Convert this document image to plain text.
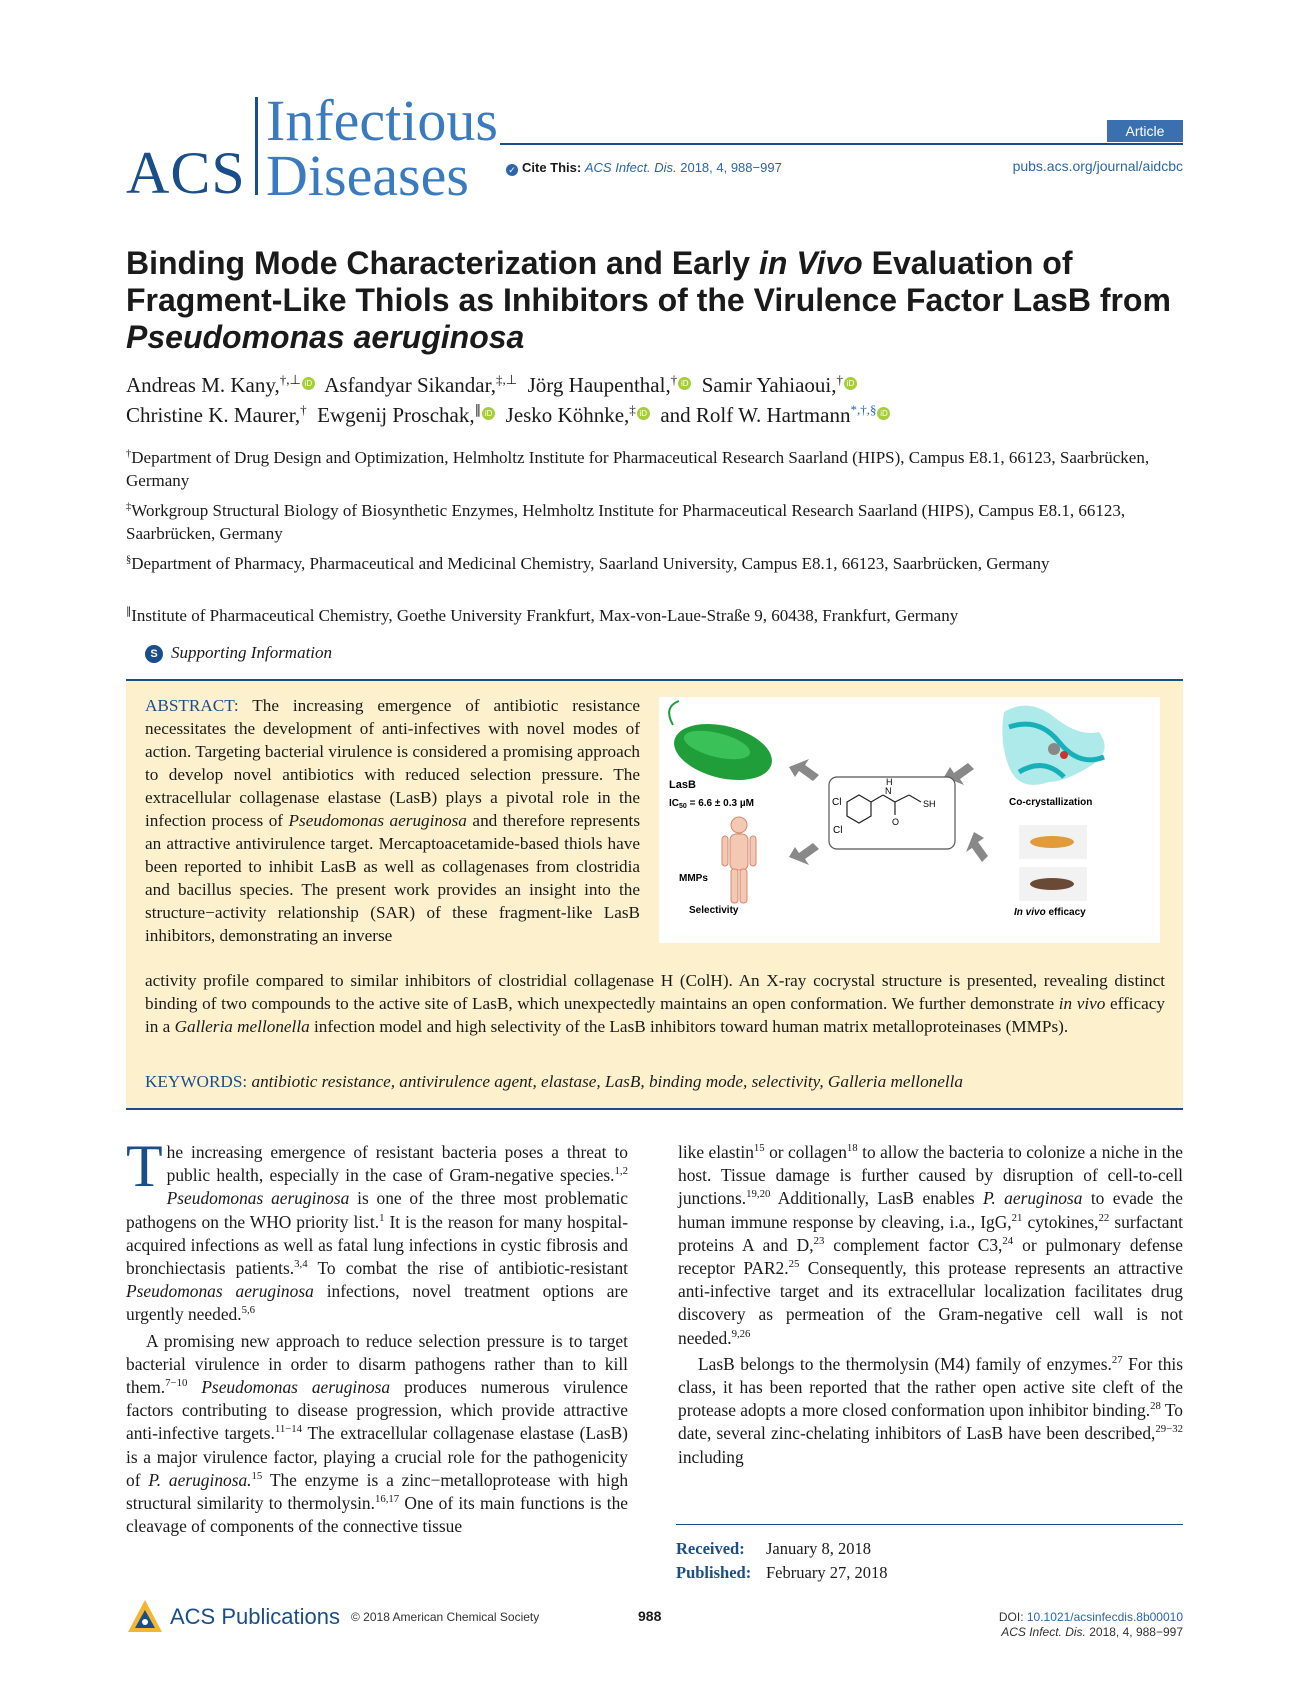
ACS
Infectious
Diseases
Article
✓ Cite This: ACS Infect. Dis. 2018, 4, 988−997	pubs.acs.org/journal/aidcbc
Binding Mode Characterization and Early in Vivo Evaluation of Fragment-Like Thiols as Inhibitors of the Virulence Factor LasB from Pseudomonas aeruginosa
Andreas M. Kany,†,⊥ iD Asfandyar Sikandar,‡,⊥ Jörg Haupenthal,† iD Samir Yahiaoui,† iD
Christine K. Maurer,† Ewgenij Proschak,∥ iD Jesko Köhnke,‡ iD and Rolf W. Hartmann*,†,§ iD
†Department of Drug Design and Optimization, Helmholtz Institute for Pharmaceutical Research Saarland (HIPS), Campus E8.1, 66123, Saarbrücken, Germany
‡Workgroup Structural Biology of Biosynthetic Enzymes, Helmholtz Institute for Pharmaceutical Research Saarland (HIPS), Campus E8.1, 66123, Saarbrücken, Germany
§Department of Pharmacy, Pharmaceutical and Medicinal Chemistry, Saarland University, Campus E8.1, 66123, Saarbrücken, Germany
∥Institute of Pharmaceutical Chemistry, Goethe University Frankfurt, Max-von-Laue-Straße 9, 60438, Frankfurt, Germany
S Supporting Information
ABSTRACT: The increasing emergence of antibiotic resistance necessitates the development of anti-infectives with novel modes of action. Targeting bacterial virulence is considered a promising approach to develop novel antibiotics with reduced selection pressure. The extracellular collagenase elastase (LasB) plays a pivotal role in the infection process of Pseudomonas aeruginosa and therefore represents an attractive antivirulence target. Mercaptoacetamide-based thiols have been reported to inhibit LasB as well as collagenases from clostridia and bacillus species. The present work provides an insight into the structure−activity relationship (SAR) of these fragment-like LasB inhibitors, demonstrating an inverse
activity profile compared to similar inhibitors of clostridial collagenase H (ColH). An X-ray cocrystal structure is presented, revealing distinct binding of two compounds to the active site of LasB, which unexpectedly maintains an open conformation. We further demonstrate in vivo efficacy in a Galleria mellonella infection model and high selectivity of the LasB inhibitors toward human matrix metalloproteinases (MMPs).
KEYWORDS: antibiotic resistance, antivirulence agent, elastase, LasB, binding mode, selectivity, Galleria mellonella
Cl
Cl
N
H
O
SH
LasB
$IC_{50} = 6.6 \pm 0.3$ µM
MMPs
Selectivity
Co-crystallization
In vivo efficacy

The increasing emergence of resistant bacteria poses a threat to public health, especially in the case of Gram-negative species.$^{1,2}$ Pseudomonas aeruginosa is one of the three most problematic pathogens on the WHO priority list.$^1$ It is the reason for many hospital-acquired infections as well as fatal lung infections in cystic fibrosis and bronchiectasis patients.$^{3,4}$ To combat the rise of antibiotic-resistant Pseudomonas aeruginosa infections, novel treatment options are urgently needed.$^{5,6}$

A promising new approach to reduce selection pressure is to target bacterial virulence in order to disarm pathogens rather than to kill them.$^{7-10}$ Pseudomonas aeruginosa produces numerous virulence factors contributing to disease progression, which provide attractive anti-infective targets.$^{11-14}$ The extracellular collagenase elastase (LasB) is a major virulence factor, playing a crucial role for the pathogenicity of P. aeruginosa.$^{15}$ The enzyme is a zinc−metalloprotease with high structural similarity to thermolysin.$^{16,17}$ One of its main functions is the cleavage of components of the connective tissue

like elastin$^{15}$ or collagen$^{18}$ to allow the bacteria to colonize a niche in the host. Tissue damage is further caused by disruption of cell-to-cell junctions.$^{19,20}$ Additionally, LasB enables P. aeruginosa to evade the human immune response by cleaving, i.a., IgG,$^{21}$ cytokines,$^{22}$ surfactant proteins A and D,$^{23}$ complement factor C3,24 or pulmonary defense receptor PAR2.25 Consequently, this protease represents an attractive anti-infective target and its extracellular localization facilitates drug discovery as permeation of the Gram-negative cell wall is not needed.$^{9,26}$

LasB belongs to the thermolysin (M4) family of enzymes.$^{27}$ For this class, it has been reported that the rather open active site cleft of the protease adopts a more closed conformation upon inhibitor binding.$^{28}$ To date, several zinc-chelating inhibitors of LasB have been described,$^{29-32}$ including

Received: January 8, 2018
Published: February 27, 2018
ACS Publications © 2018 American Chemical Society	988	DOI: 10.1021/acsinfecdis.8b00010
ACS Infect. Dis. 2018, 4, 988−997
